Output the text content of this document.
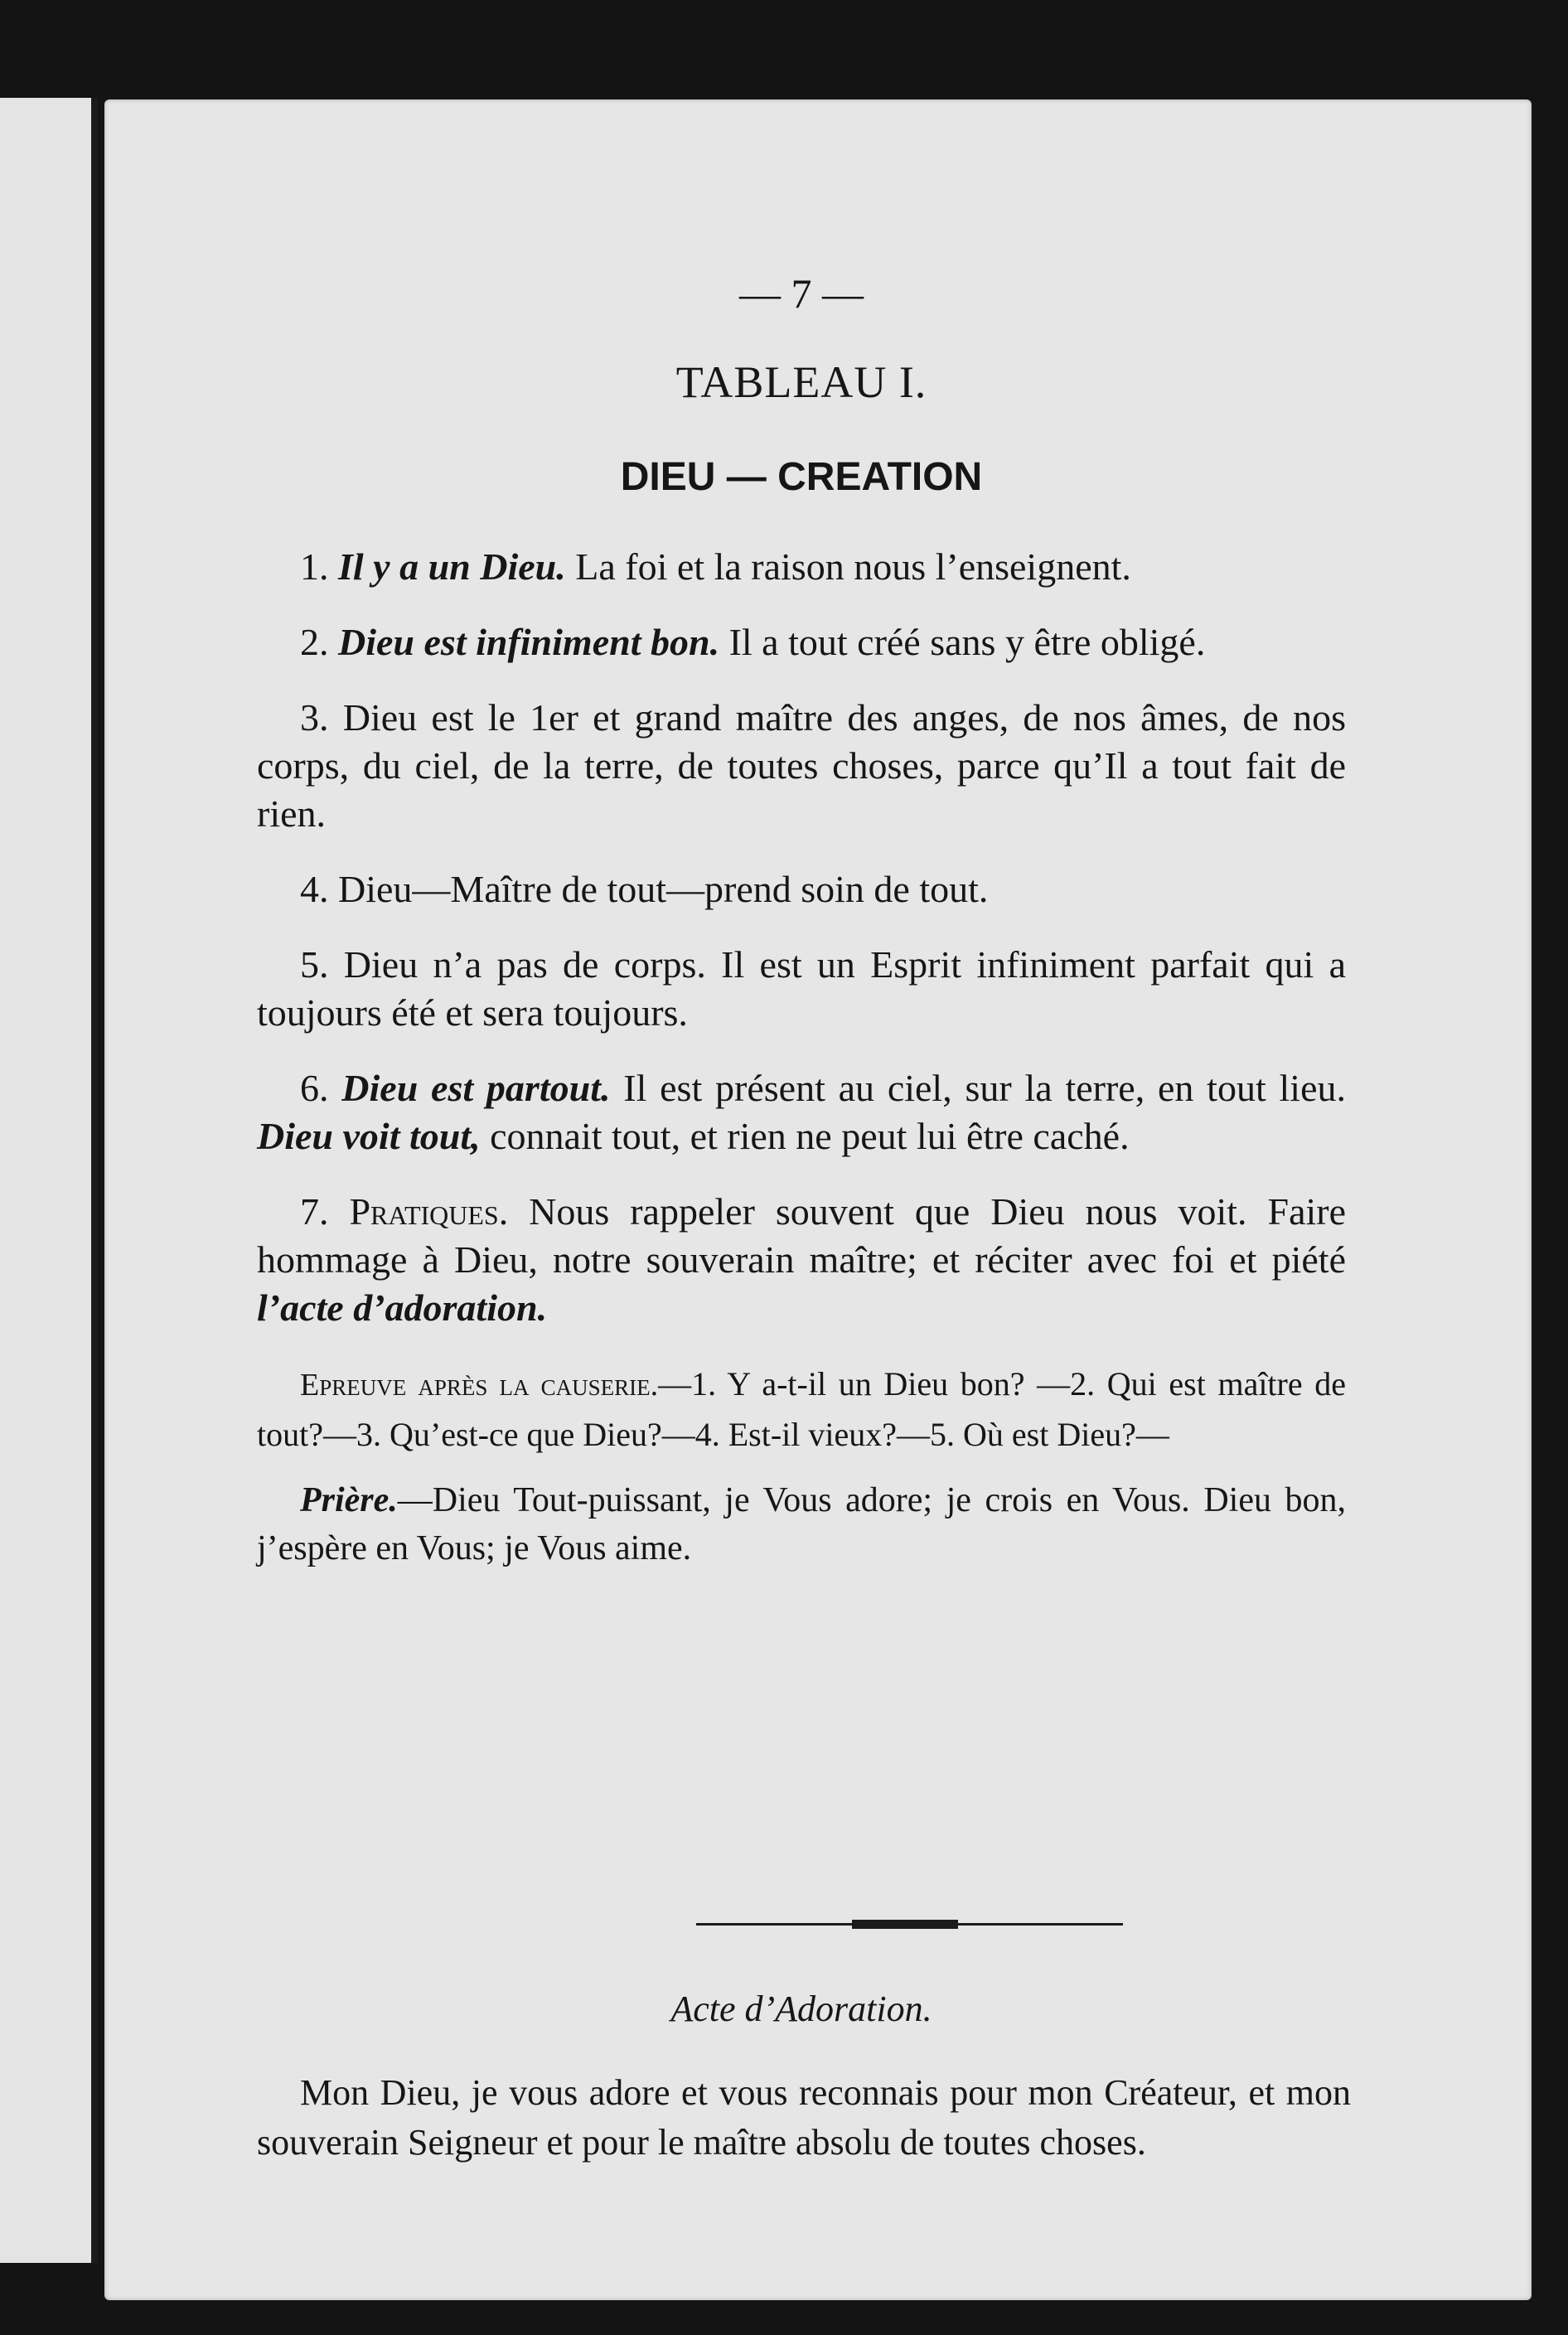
— 7 —
TABLEAU I.
DIEU — CREATION

1. Il y a un Dieu. La foi et la raison nous l’enseignent.

2. Dieu est infiniment bon. Il a tout créé sans y être obligé.

3. Dieu est le 1er et grand maître des anges, de nos âmes, de nos corps, du ciel, de la terre, de toutes choses, parce qu’Il a tout fait de rien.

4. Dieu—Maître de tout—prend soin de tout.

5. Dieu n’a pas de corps. Il est un Esprit infiniment parfait qui a toujours été et sera toujours.

6. Dieu est partout. Il est présent au ciel, sur la terre, en tout lieu. Dieu voit tout, connait tout, et rien ne peut lui être caché.

7. Pratiques. Nous rappeler souvent que Dieu nous voit. Faire hommage à Dieu, notre souverain maître; et réciter avec foi et piété l’acte d’adoration.

Epreuve après la causerie.—1. Y a-t-il un Dieu bon? —2. Qui est maître de tout?—3. Qu’est-ce que Dieu?—4. Est-il vieux?—5. Où est Dieu?—

Prière.—Dieu Tout-puissant, je Vous adore; je crois en Vous. Dieu bon, j’espère en Vous; je Vous aime.

Acte d’Adoration.

Mon Dieu, je vous adore et vous reconnais pour mon Créateur, et mon souverain Seigneur et pour le maître absolu de toutes choses.
